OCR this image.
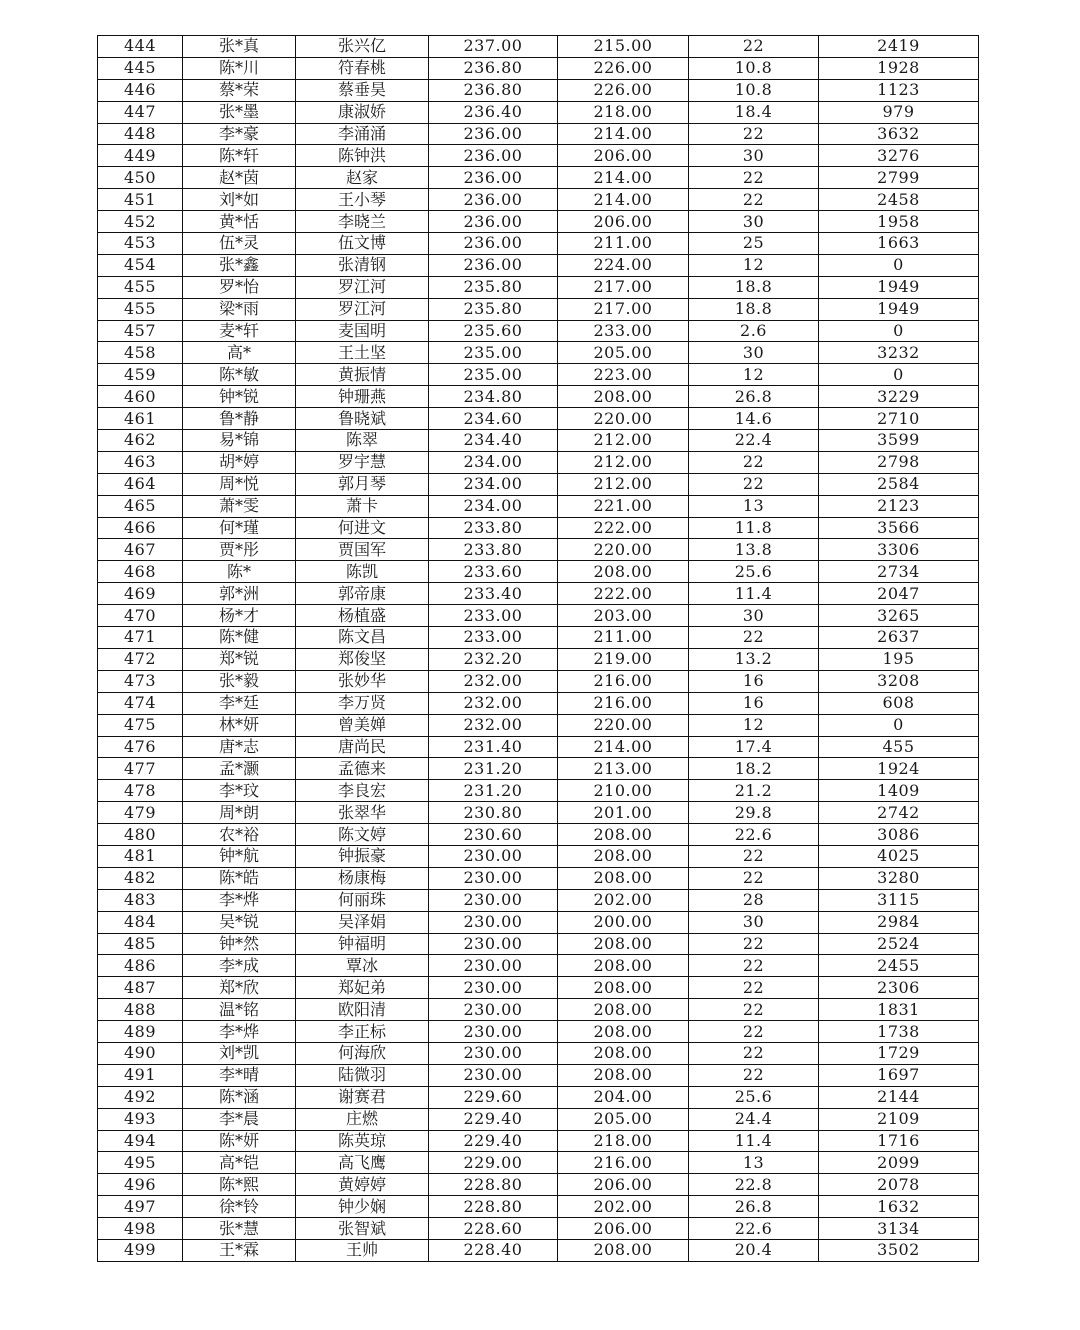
444	张*真	张兴亿	237.00	215.00	22	2419
445	陈*川	符春桃	236.80	226.00	10.8	1928
446	蔡*荣	蔡垂昊	236.80	226.00	10.8	1123
447	张*墨	康淑娇	236.40	218.00	18.4	979
448	李*豪	李涌涌	236.00	214.00	22	3632
449	陈*轩	陈钟洪	236.00	206.00	30	3276
450	赵*茵	赵家	236.00	214.00	22	2799
451	刘*如	王小琴	236.00	214.00	22	2458
452	黄*恬	李晓兰	236.00	206.00	30	1958
453	伍*灵	伍文博	236.00	211.00	25	1663
454	张*鑫	张清钢	236.00	224.00	12	0
455	罗*怡	罗江河	235.80	217.00	18.8	1949
455	梁*雨	罗江河	235.80	217.00	18.8	1949
457	麦*轩	麦国明	235.60	233.00	2.6	0
458	高*	王土坚	235.00	205.00	30	3232
459	陈*敏	黄振情	235.00	223.00	12	0
460	钟*锐	钟珊燕	234.80	208.00	26.8	3229
461	鲁*静	鲁晓斌	234.60	220.00	14.6	2710
462	易*锦	陈翠	234.40	212.00	22.4	3599
463	胡*婷	罗宇慧	234.00	212.00	22	2798
464	周*悦	郭月琴	234.00	212.00	22	2584
465	萧*雯	萧卡	234.00	221.00	13	2123
466	何*瑾	何进文	233.80	222.00	11.8	3566
467	贾*彤	贾国军	233.80	220.00	13.8	3306
468	陈*	陈凯	233.60	208.00	25.6	2734
469	郭*洲	郭帝康	233.40	222.00	11.4	2047
470	杨*才	杨植盛	233.00	203.00	30	3265
471	陈*健	陈文昌	233.00	211.00	22	2637
472	郑*锐	郑俊坚	232.20	219.00	13.2	195
473	张*毅	张妙华	232.00	216.00	16	3208
474	李*廷	李万贤	232.00	216.00	16	608
475	林*妍	曾美婵	232.00	220.00	12	0
476	唐*志	唐尚民	231.40	214.00	17.4	455
477	孟*灏	孟德来	231.20	213.00	18.2	1924
478	李*玟	李良宏	231.20	210.00	21.2	1409
479	周*朗	张翠华	230.80	201.00	29.8	2742
480	农*裕	陈文婷	230.60	208.00	22.6	3086
481	钟*航	钟振豪	230.00	208.00	22	4025
482	陈*皓	杨康梅	230.00	208.00	22	3280
483	李*烨	何丽珠	230.00	202.00	28	3115
484	吴*锐	吴泽娟	230.00	200.00	30	2984
485	钟*然	钟福明	230.00	208.00	22	2524
486	李*成	覃冰	230.00	208.00	22	2455
487	郑*欣	郑妃弟	230.00	208.00	22	2306
488	温*铭	欧阳清	230.00	208.00	22	1831
489	李*烨	李正标	230.00	208.00	22	1738
490	刘*凯	何海欣	230.00	208.00	22	1729
491	李*晴	陆微羽	230.00	208.00	22	1697
492	陈*涵	谢赛君	229.60	204.00	25.6	2144
493	李*晨	庄燃	229.40	205.00	24.4	2109
494	陈*妍	陈英琼	229.40	218.00	11.4	1716
495	高*铠	高飞鹰	229.00	216.00	13	2099
496	陈*熙	黄婷婷	228.80	206.00	22.8	2078
497	徐*铃	钟少娴	228.80	202.00	26.8	1632
498	张*慧	张智斌	228.60	206.00	22.6	3134
499	王*霖	王帅	228.40	208.00	20.4	3502
